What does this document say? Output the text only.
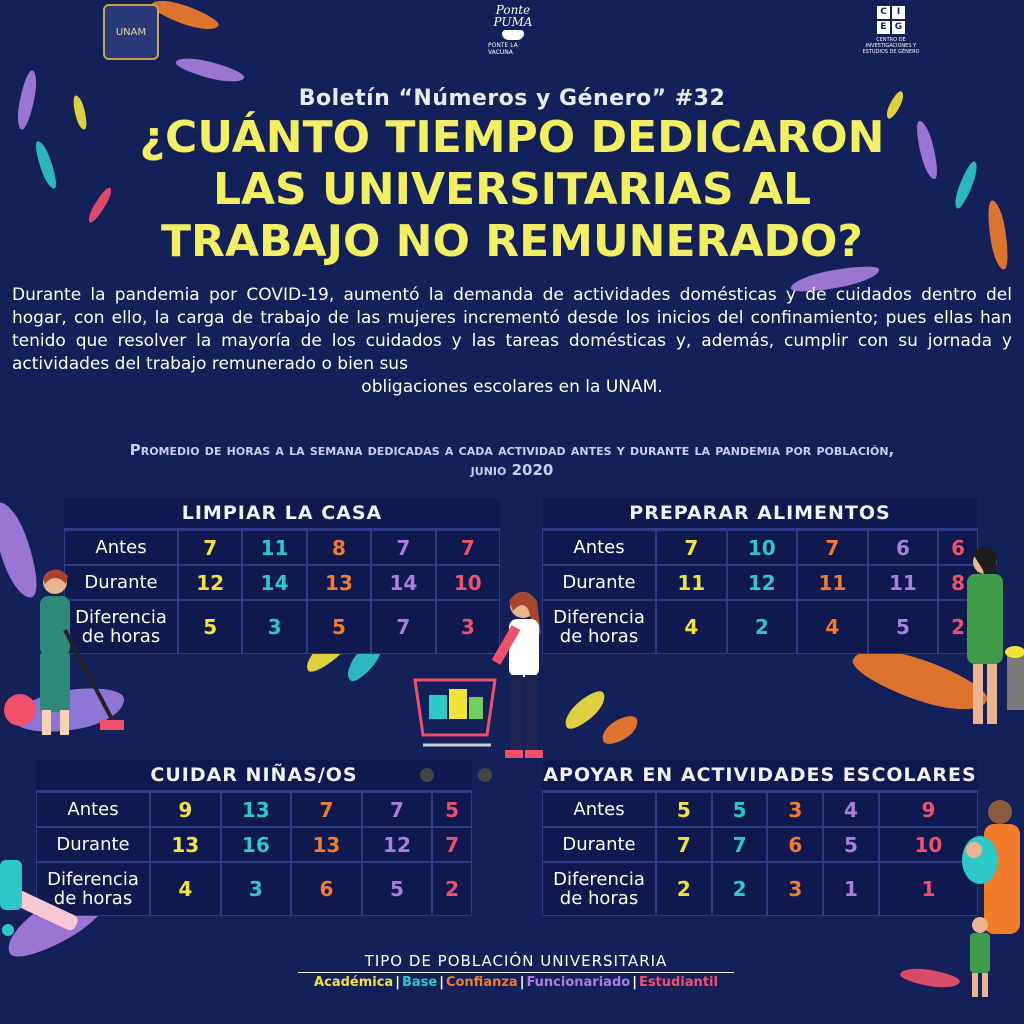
UNAM
Ponte PUMA
PONTE LA VACUNA
C	I
E G
CENTRO DE INVESTIGACIONES Y ESTUDIOS DE GÉNERO
Boletín “Números y Género” #32
¿CUÁNTO TIEMPO DEDICARON LAS UNIVERSITARIAS AL TRABAJO NO REMUNERADO?
Durante la pandemia por COVID-19, aumentó la demanda de actividades domésticas y de cuidados dentro del hogar, con ello, la carga de trabajo de las mujeres incrementó desde los inicios del confinamiento; pues ellas han tenido que resolver la mayoría de los cuidados y las tareas domésticas y, además, cumplir con su jornada y actividades del trabajo remunerado o bien sus
obligaciones escolares en la UNAM.
Promedio de horas a la semana dedicadas a cada actividad antes y durante la pandemia por población,
junio 2020
LIMPIAR LA CASA					
Antes	7	11	8	7	7
Durante	12	14	13	14	10

Diferencia
de horas	5	3	5	7	3
PREPARAR ALIMENTOS					
Antes	7	10	7	6	6
Durante	11	12	11	11	8

Diferencia
de horas	4	2	4	5	2
CUIDAR NIÑAS/OS					
Antes	9	13	7	7	5
Durante	13	16	13	12	7

Diferencia
de horas	4	3	6	5	2
APOYAR EN ACTIVIDADES ESCOLARES					
Antes	5	5	3	4	9
Durante	7	7	6	5	10

Diferencia
de horas	2	2	3	1	1
TIPO DE POBLACIÓN UNIVERSITARIA
Académica | Base | Confianza | Funcionariado | Estudiantil
